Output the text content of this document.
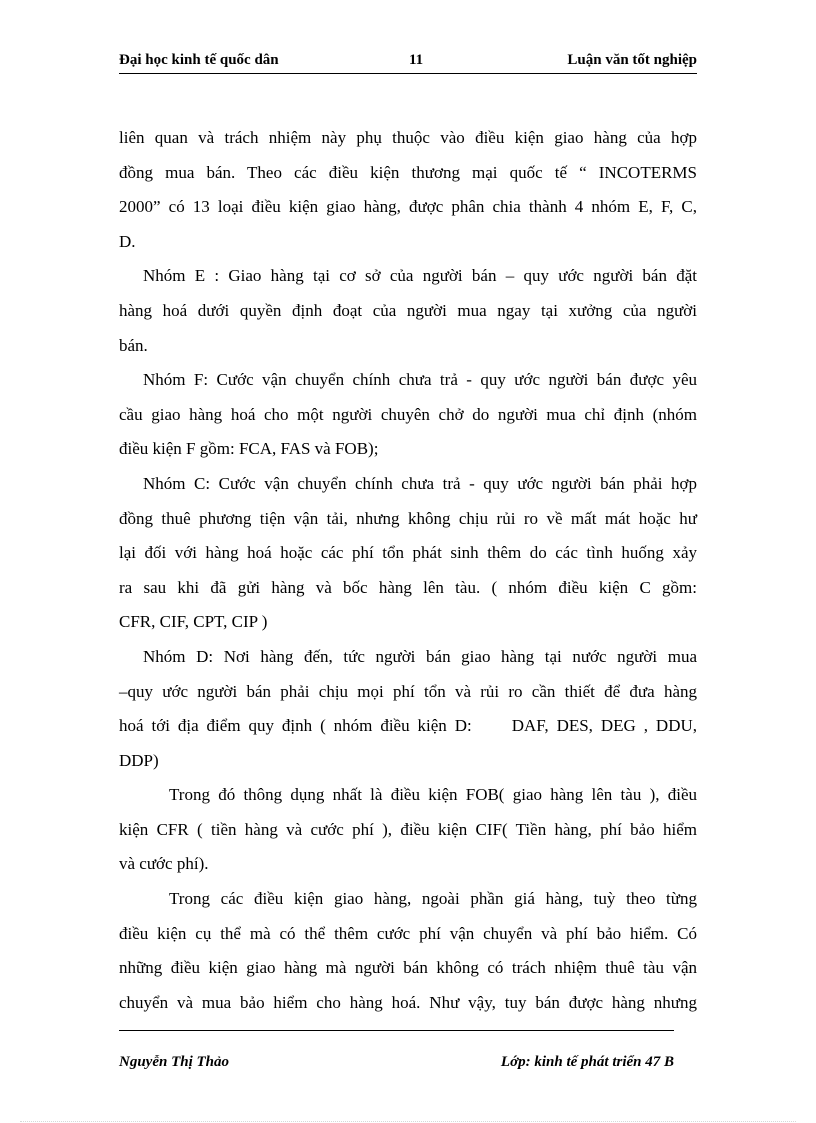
Đại học kinh tế quốc dân	11	Luận văn tốt nghiệp
liên quan và trách nhiệm này phụ thuộc vào điều kiện giao hàng của hợp
đồng mua bán. Theo các điều kiện thương mại quốc tế “ INCOTERMS
2000” có 13 loại điều kiện giao hàng, được phân chia thành 4 nhóm E, F, C,
D.
Nhóm E : Giao hàng tại cơ sở của người bán – quy ước người bán đặt
hàng hoá dưới quyền định đoạt của người mua ngay tại xưởng của người
bán.
Nhóm F: Cước vận chuyển chính chưa trả - quy ước người bán được yêu
cầu giao hàng hoá cho một người chuyên chở do người mua chỉ định (nhóm
điều kiện F gồm: FCA, FAS và FOB);
Nhóm C: Cước vận chuyển chính chưa trả - quy ước người bán phải hợp
đồng thuê phương tiện vận tải, nhưng không chịu rủi ro về mất mát hoặc hư
lại đối với hàng hoá hoặc các phí tổn phát sinh thêm do các tình huống xảy
ra sau khi đã gửi hàng và bốc hàng lên tàu. ( nhóm điều kiện C gồm:
CFR, CIF, CPT, CIP )
Nhóm D: Nơi hàng đến, tức người bán giao hàng tại nước người mua
–quy ước người bán phải chịu mọi phí tổn và rủi ro cần thiết để đưa hàng
hoá tới địa điểm quy định ( nhóm điều kiện D: DAF, DES, DEG , DDU,
DDP)
Trong đó thông dụng nhất là điều kiện FOB( giao hàng lên tàu ), điều
kiện CFR ( tiền hàng và cước phí ), điều kiện CIF( Tiền hàng, phí bảo hiểm
và cước phí).
Trong các điều kiện giao hàng, ngoài phần giá hàng, tuỳ theo từng
điều kiện cụ thể mà có thể thêm cước phí vận chuyển và phí bảo hiểm. Có
những điều kiện giao hàng mà người bán không có trách nhiệm thuê tàu vận
chuyển và mua bảo hiểm cho hàng hoá. Như vậy, tuy bán được hàng nhưng
Nguyễn Thị Thảo	Lớp: kinh tế phát triển 47 B
